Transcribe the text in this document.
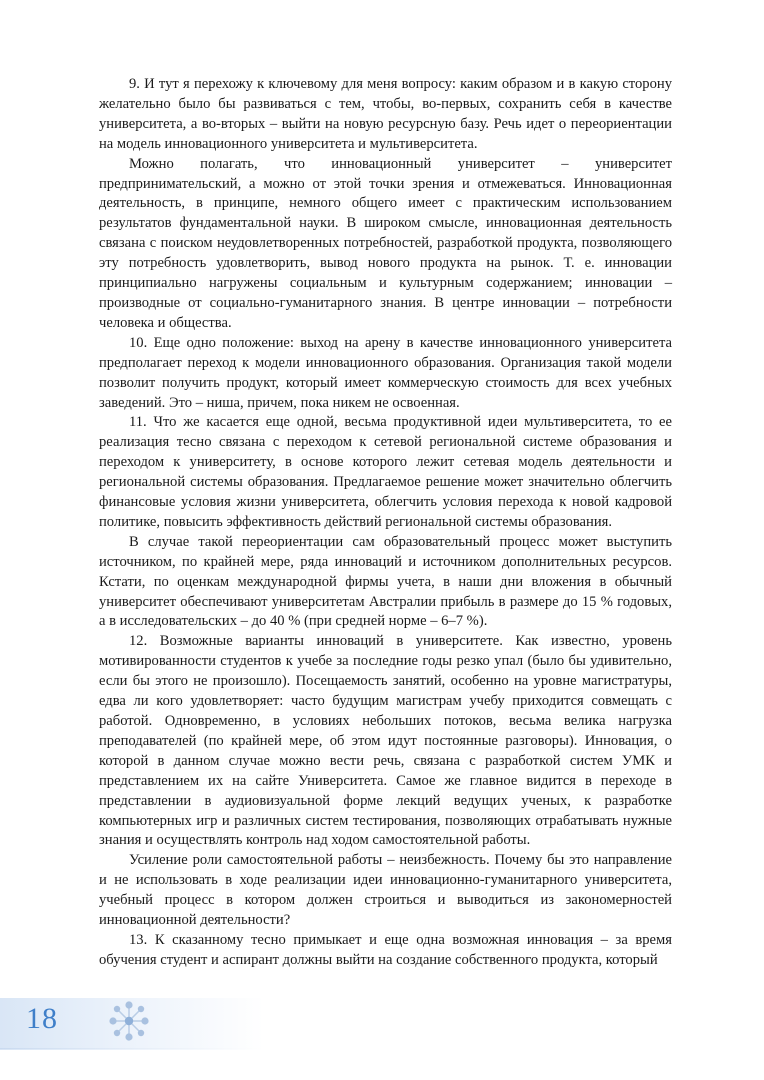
9. И тут я перехожу к ключевому для меня вопросу: каким образом и в какую сторону желательно было бы развиваться с тем, чтобы, во-первых, сохранить себя в качестве университета, а во-вторых – выйти на новую ресурсную базу. Речь идет о переориентации на модель инновационного университета и мультиверситета.

Можно полагать, что инновационный университет – университет предпринимательский, а можно от этой точки зрения и отмежеваться. Инновационная деятельность, в принципе, немного общего имеет с практическим использованием результатов фундаментальной науки. В широком смысле, инновационная деятельность связана с поиском неудовлетворенных потребностей, разработкой продукта, позволяющего эту потребность удовлетворить, вывод нового продукта на рынок. Т. е. инновации принципиально нагружены социальным и культурным содержанием; инновации – производные от социально-гуманитарного знания. В центре инновации – потребности человека и общества.

10. Еще одно положение: выход на арену в качестве инновационного университета предполагает переход к модели инновационного образования. Организация такой модели позволит получить продукт, который имеет коммерческую стоимость для всех учебных заведений. Это – ниша, причем, пока никем не освоенная.

11. Что же касается еще одной, весьма продуктивной идеи мультиверситета, то ее реализация тесно связана с переходом к сетевой региональной системе образования и переходом к университету, в основе которого лежит сетевая модель деятельности и региональной системы образования. Предлагаемое решение может значительно облегчить финансовые условия жизни университета, облегчить условия перехода к новой кадровой политике, повысить эффективность действий региональной системы образования.

В случае такой переориентации сам образовательный процесс может выступить источником, по крайней мере, ряда инноваций и источником дополнительных ресурсов. Кстати, по оценкам международной фирмы учета, в наши дни вложения в обычный университет обеспечивают университетам Австралии прибыль в размере до 15 % годовых, а в исследовательских – до 40 % (при средней норме – 6–7 %).

12. Возможные варианты инноваций в университете. Как известно, уровень мотивированности студентов к учебе за последние годы резко упал (было бы удивительно, если бы этого не произошло). Посещаемость занятий, особенно на уровне магистратуры, едва ли кого удовлетворяет: часто будущим магистрам учебу приходится совмещать с работой. Одновременно, в условиях небольших потоков, весьма велика нагрузка преподавателей (по крайней мере, об этом идут постоянные разговоры). Инновация, о которой в данном случае можно вести речь, связана с разработкой систем УМК и представлением их на сайте Университета. Самое же главное видится в переходе в представлении в аудиовизуальной форме лекций ведущих ученых, к разработке компьютерных игр и различных систем тестирования, позволяющих отрабатывать нужные знания и осуществлять контроль над ходом самостоятельной работы.

Усиление роли самостоятельной работы – неизбежность. Почему бы это направление и не использовать в ходе реализации идеи инновационно-гуманитарного университета, учебный процесс в котором должен строиться и выводиться из закономерностей инновационной деятельности?

13. К сказанному тесно примыкает и еще одна возможная инновация – за время обучения студент и аспирант должны выйти на создание собственного продукта, который

18
